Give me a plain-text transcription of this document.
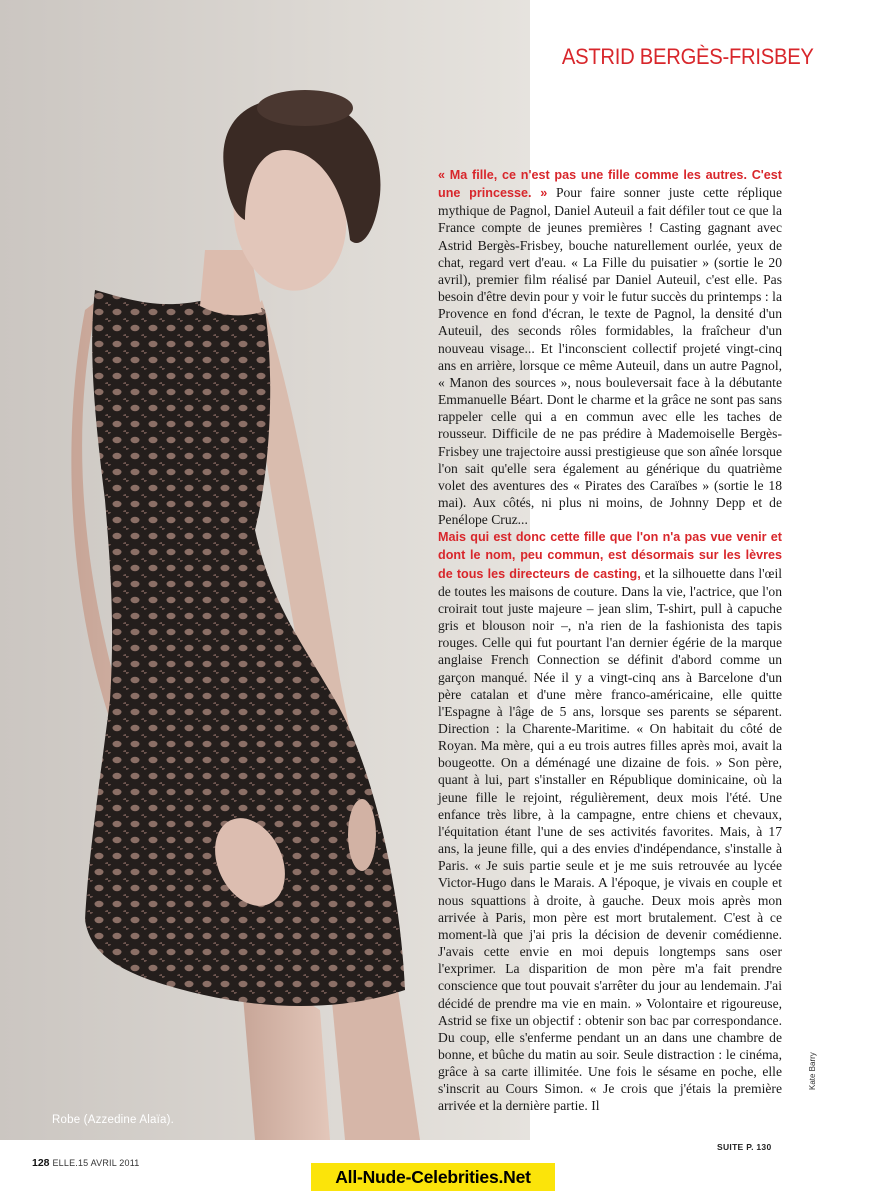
Robe (Azzedine Alaïa).
ASTRID BERGÈS-FRISBEY

« Ma fille, ce n'est pas une fille comme les autres. C'est une princesse. » Pour faire sonner juste cette réplique mythique de Pagnol, Daniel Auteuil a fait défiler tout ce que la France compte de jeunes premières ! Casting gagnant avec Astrid Bergès-Frisbey, bouche naturellement ourlée, yeux de chat, regard vert d'eau. « La Fille du puisatier » (sortie le 20 avril), premier film réalisé par Daniel Auteuil, c'est elle. Pas besoin d'être devin pour y voir le futur succès du printemps : la Provence en fond d'écran, le texte de Pagnol, la densité d'un Auteuil, des seconds rôles formidables, la fraîcheur d'un nouveau visage... Et l'inconscient collectif projeté vingt-cinq ans en arrière, lorsque ce même Auteuil, dans un autre Pagnol, « Manon des sources », nous bouleversait face à la débutante Emmanuelle Béart. Dont le charme et la grâce ne sont pas sans rappeler celle qui a en commun avec elle les taches de rousseur. Difficile de ne pas prédire à Mademoiselle Bergès-Frisbey une trajectoire aussi prestigieuse que son aînée lorsque l'on sait qu'elle sera également au générique du quatrième volet des aventures des « Pirates des Caraïbes » (sortie le 18 mai). Aux côtés, ni plus ni moins, de Johnny Depp et de Penélope Cruz...

Mais qui est donc cette fille que l'on n'a pas vue venir et dont le nom, peu commun, est désormais sur les lèvres de tous les directeurs de casting, et la silhouette dans l'œil de toutes les maisons de couture. Dans la vie, l'actrice, que l'on croirait tout juste majeure – jean slim, T-shirt, pull à capuche gris et blouson noir –, n'a rien de la fashionista des tapis rouges. Celle qui fut pourtant l'an dernier égérie de la marque anglaise French Connection se définit d'abord comme un garçon manqué. Née il y a vingt-cinq ans à Barcelone d'un père catalan et d'une mère franco-américaine, elle quitte l'Espagne à l'âge de 5 ans, lorsque ses parents se séparent. Direction : la Charente-Maritime. « On habitait du côté de Royan. Ma mère, qui a eu trois autres filles après moi, avait la bougeotte. On a déménagé une dizaine de fois. » Son père, quant à lui, part s'installer en République dominicaine, où la jeune fille le rejoint, régulièrement, deux mois l'été. Une enfance très libre, à la campagne, entre chiens et chevaux, l'équitation étant l'une de ses activités favorites. Mais, à 17 ans, la jeune fille, qui a des envies d'indépendance, s'installe à Paris. « Je suis partie seule et je me suis retrouvée au lycée Victor-Hugo dans le Marais. A l'époque, je vivais en couple et nous squattions à droite, à gauche. Deux mois après mon arrivée à Paris, mon père est mort brutalement. C'est à ce moment-là que j'ai pris la décision de devenir comédienne. J'avais cette envie en moi depuis longtemps sans oser l'exprimer. La disparition de mon père m'a fait prendre conscience que tout pouvait s'arrêter du jour au lendemain. J'ai décidé de prendre ma vie en main. » Volontaire et rigoureuse, Astrid se fixe un objectif : obtenir son bac par correspondance. Du coup, elle s'enferme pendant un an dans une chambre de bonne, et bûche du matin au soir. Seule distraction : le cinéma, grâce à sa carte illimitée. Une fois le sésame en poche, elle s'inscrit au Cours Simon. « Je crois que j'étais la première arrivée et la dernière partie. Il

SUITE P. 130
Kate Barry
128 ELLE.15 AVRIL 2011
All-Nude-Celebrities.Net
